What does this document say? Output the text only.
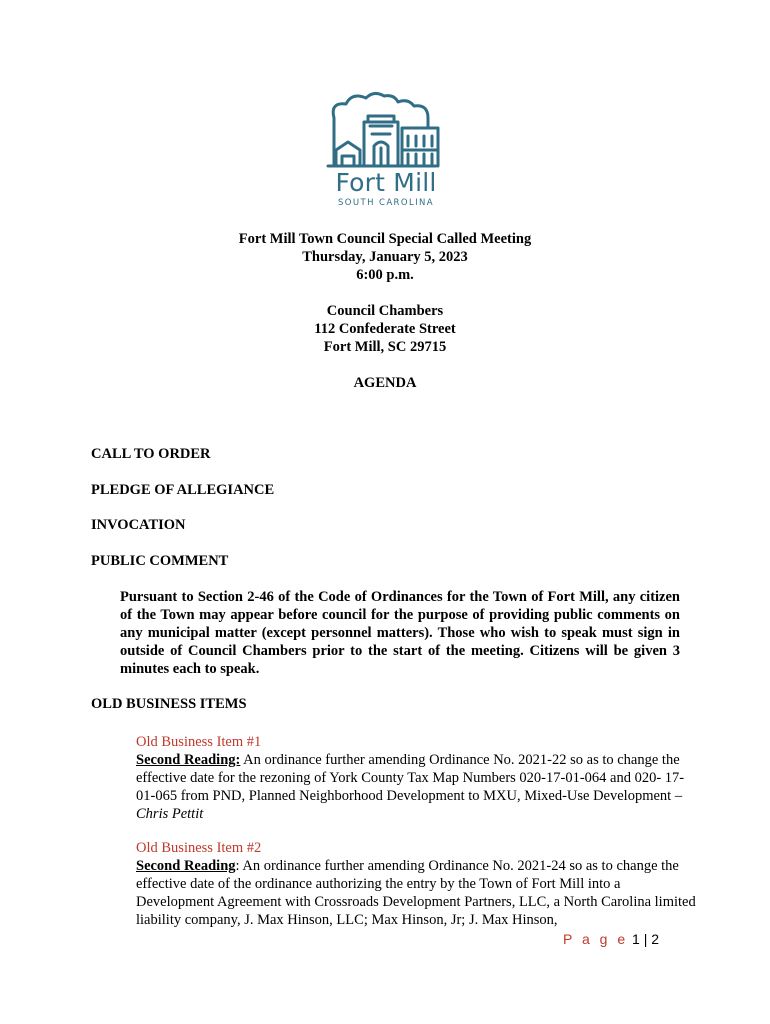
Fort Mill
SOUTH CAROLINA
Fort Mill Town Council Special Called Meeting
Thursday, January 5, 2023
6:00 p.m.
Council Chambers
112 Confederate Street
Fort Mill, SC 29715
AGENDA
CALL TO ORDER
PLEDGE OF ALLEGIANCE
INVOCATION
PUBLIC COMMENT
Pursuant to Section 2-46 of the Code of Ordinances for the Town of Fort Mill, any citizen of the Town may appear before council for the purpose of providing public comments on any municipal matter (except personnel matters). Those who wish to speak must sign in outside of Council Chambers prior to the start of the meeting. Citizens will be given 3 minutes each to speak.
OLD BUSINESS ITEMS
Old Business Item #1
Second Reading: An ordinance further amending Ordinance No. 2021-22 so as to change the effective date for the rezoning of York County Tax Map Numbers 020-17-01-064 and 020- 17-01-065 from PND, Planned Neighborhood Development to MXU, Mixed-Use Development – Chris Pettit
Old Business Item #2
Second Reading: An ordinance further amending Ordinance No. 2021-24 so as to change the effective date of the ordinance authorizing the entry by the Town of Fort Mill into a Development Agreement with Crossroads Development Partners, LLC, a North Carolina limited liability company, J. Max Hinson, LLC; Max Hinson, Jr; J. Max Hinson,
P a g e 1 | 2
